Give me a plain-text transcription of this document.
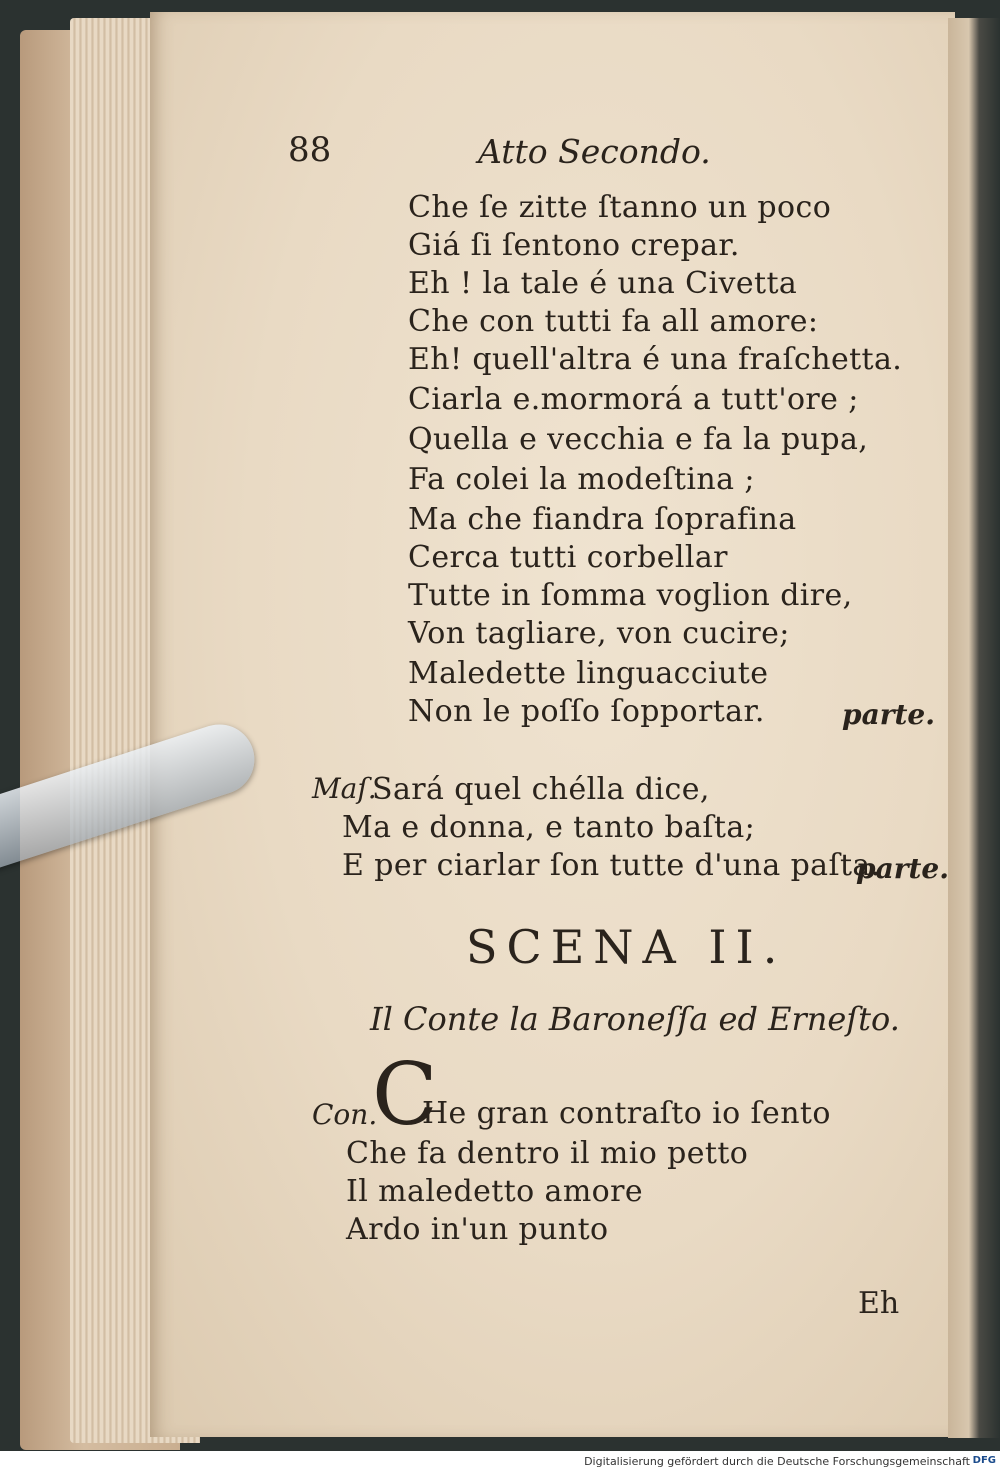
88	Atto Secondo.
Che ſe zitte ſtanno un poco
Giá ſi ſentono crepar.
Eh ! la tale é una Civetta
Che con tutti fa all amore:
Eh! quell'altra é una fraſchetta.
Ciarla e.mormorá a tutt'ore ;
Quella e vecchia e fa la pupa,
Fa colei la modeſtina ;
Ma che fiandra ſoprafina
Cerca tutti corbellar
Tutte in ſomma voglion dire,
Von tagliare, von cucire;
Maledette linguacciute
Non le poſſo ſopportar.	parte.
Maſ.
Sará quel chélla dice,
Ma e donna, e tanto baſta;
E per ciarlar ſon tutte d'una paſta.
parte.
SCENA II.
Il Conte la Baroneſſa ed Erneſto.
Con.
C
He gran contraſto io ſento
Che fa dentro il mio petto
Il maledetto amore
Ardo in'un punto
Eh
Digitalisierung gefördert durch die Deutsche Forschungsgemeinschaft DFG
